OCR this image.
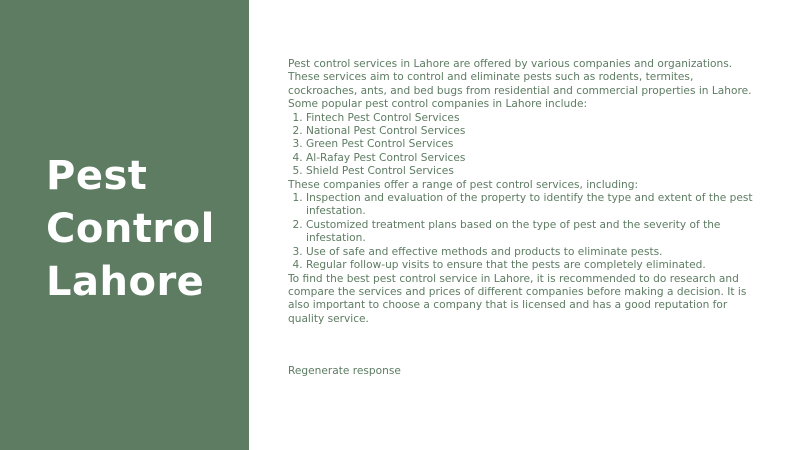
Pest
Control
Lahore

Pest control services in Lahore are offered by various companies and organizations. These services aim to control and eliminate pests such as rodents, termites, cockroaches, ants, and bed bugs from residential and commercial properties in Lahore.

Some popular pest control companies in Lahore include:

1. Fintech Pest Control Services
2. National Pest Control Services
3. Green Pest Control Services
4. Al-Rafay Pest Control Services
5. Shield Pest Control Services

These companies offer a range of pest control services, including:

1. Inspection and evaluation of the property to identify the type and extent of the pest infestation.
2. Customized treatment plans based on the type of pest and the severity of the infestation.
3. Use of safe and effective methods and products to eliminate pests.
4. Regular follow-up visits to ensure that the pests are completely eliminated.

To find the best pest control service in Lahore, it is recommended to do research and compare the services and prices of different companies before making a decision. It is also important to choose a company that is licensed and has a good reputation for quality service.

Regenerate response
